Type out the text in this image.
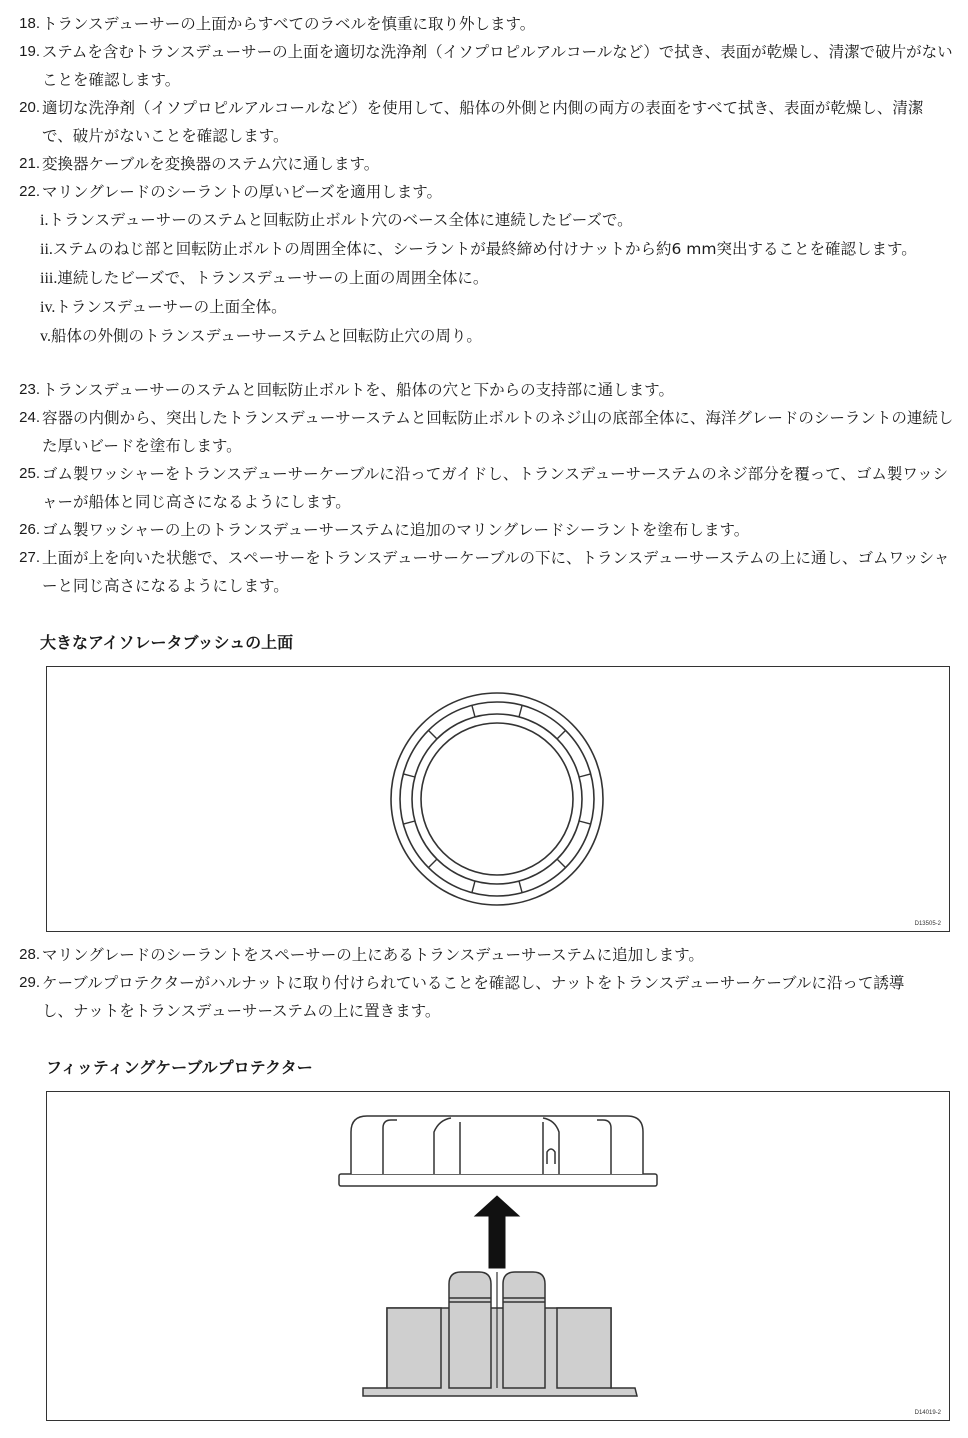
18. トランスデューサーの上面からすべてのラベルを慎重に取り外します。
19. ステムを含むトランスデューサーの上面を適切な洗浄剤（イソプロピルアルコールなど）で拭き、表面が乾燥し、清潔で破片がないことを確認します。
20. 適切な洗浄剤（イソプロピルアルコールなど）を使用して、船体の外側と内側の両方の表面をすべて拭き、表面が乾燥し、清潔で、破片がないことを確認します。
21. 変換器ケーブルを変換器のステム穴に通します。
22. マリングレードのシーラントの厚いビーズを適用します。
i.トランスデューサーのステムと回転防止ボルト穴のベース全体に連続したビーズで。
ii.ステムのねじ部と回転防止ボルトの周囲全体に、シーラントが最終締め付けナットから約6 mm突出することを確認します。
iii.連続したビーズで、トランスデューサーの上面の周囲全体に。
iv.トランスデューサーの上面全体。
v.船体の外側のトランスデューサーステムと回転防止穴の周り。
23. トランスデューサーのステムと回転防止ボルトを、船体の穴と下からの支持部に通します。
24. 容器の内側から、突出したトランスデューサーステムと回転防止ボルトのネジ山の底部全体に、海洋グレードのシーラントの連続した厚いビードを塗布します。
25. ゴム製ワッシャーをトランスデューサーケーブルに沿ってガイドし、トランスデューサーステムのネジ部分を覆って、ゴム製ワッシャーが船体と同じ高さになるようにします。
26. ゴム製ワッシャーの上のトランスデューサーステムに追加のマリングレードシーラントを塗布します。
27. 上面が上を向いた状態で、スペーサーをトランスデューサーケーブルの下に、トランスデューサーステムの上に通し、ゴムワッシャーと同じ高さになるようにします。
大きなアイソレータブッシュの上面
D13505-2
28. マリングレードのシーラントをスペーサーの上にあるトランスデューサーステムに追加します。
29. ケーブルプロテクターがハルナットに取り付けられていることを確認し、ナットをトランスデューサーケーブルに沿って誘導し、ナットをトランスデューサーステムの上に置きます。
フィッティングケーブルプロテクター
D14019-2
